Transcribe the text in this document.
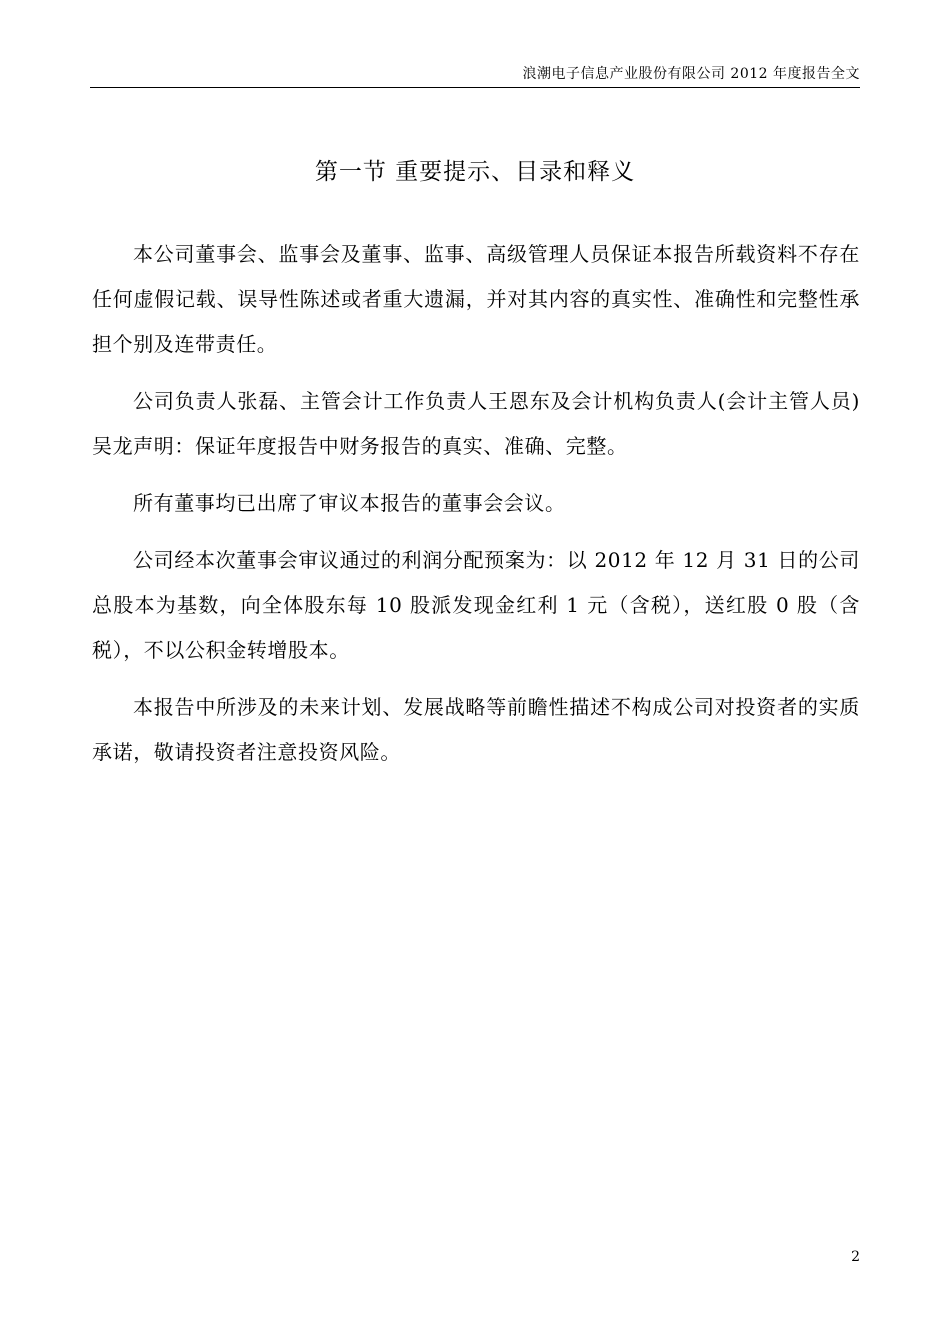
浪潮电子信息产业股份有限公司 2012 年度报告全文
第一节 重要提示、目录和释义

本公司董事会、监事会及董事、监事、高级管理人员保证本报告所载资料不存在任何虚假记载、误导性陈述或者重大遗漏，并对其内容的真实性、准确性和完整性承担个别及连带责任。

公司负责人张磊、主管会计工作负责人王恩东及会计机构负责人(会计主管人员)吴龙声明：保证年度报告中财务报告的真实、准确、完整。

所有董事均已出席了审议本报告的董事会会议。

公司经本次董事会审议通过的利润分配预案为：以 2012 年 12 月 31 日的公司总股本为基数，向全体股东每 10 股派发现金红利 1 元（含税），送红股 0 股（含税），不以公积金转增股本。

本报告中所涉及的未来计划、发展战略等前瞻性描述不构成公司对投资者的实质承诺，敬请投资者注意投资风险。

2
